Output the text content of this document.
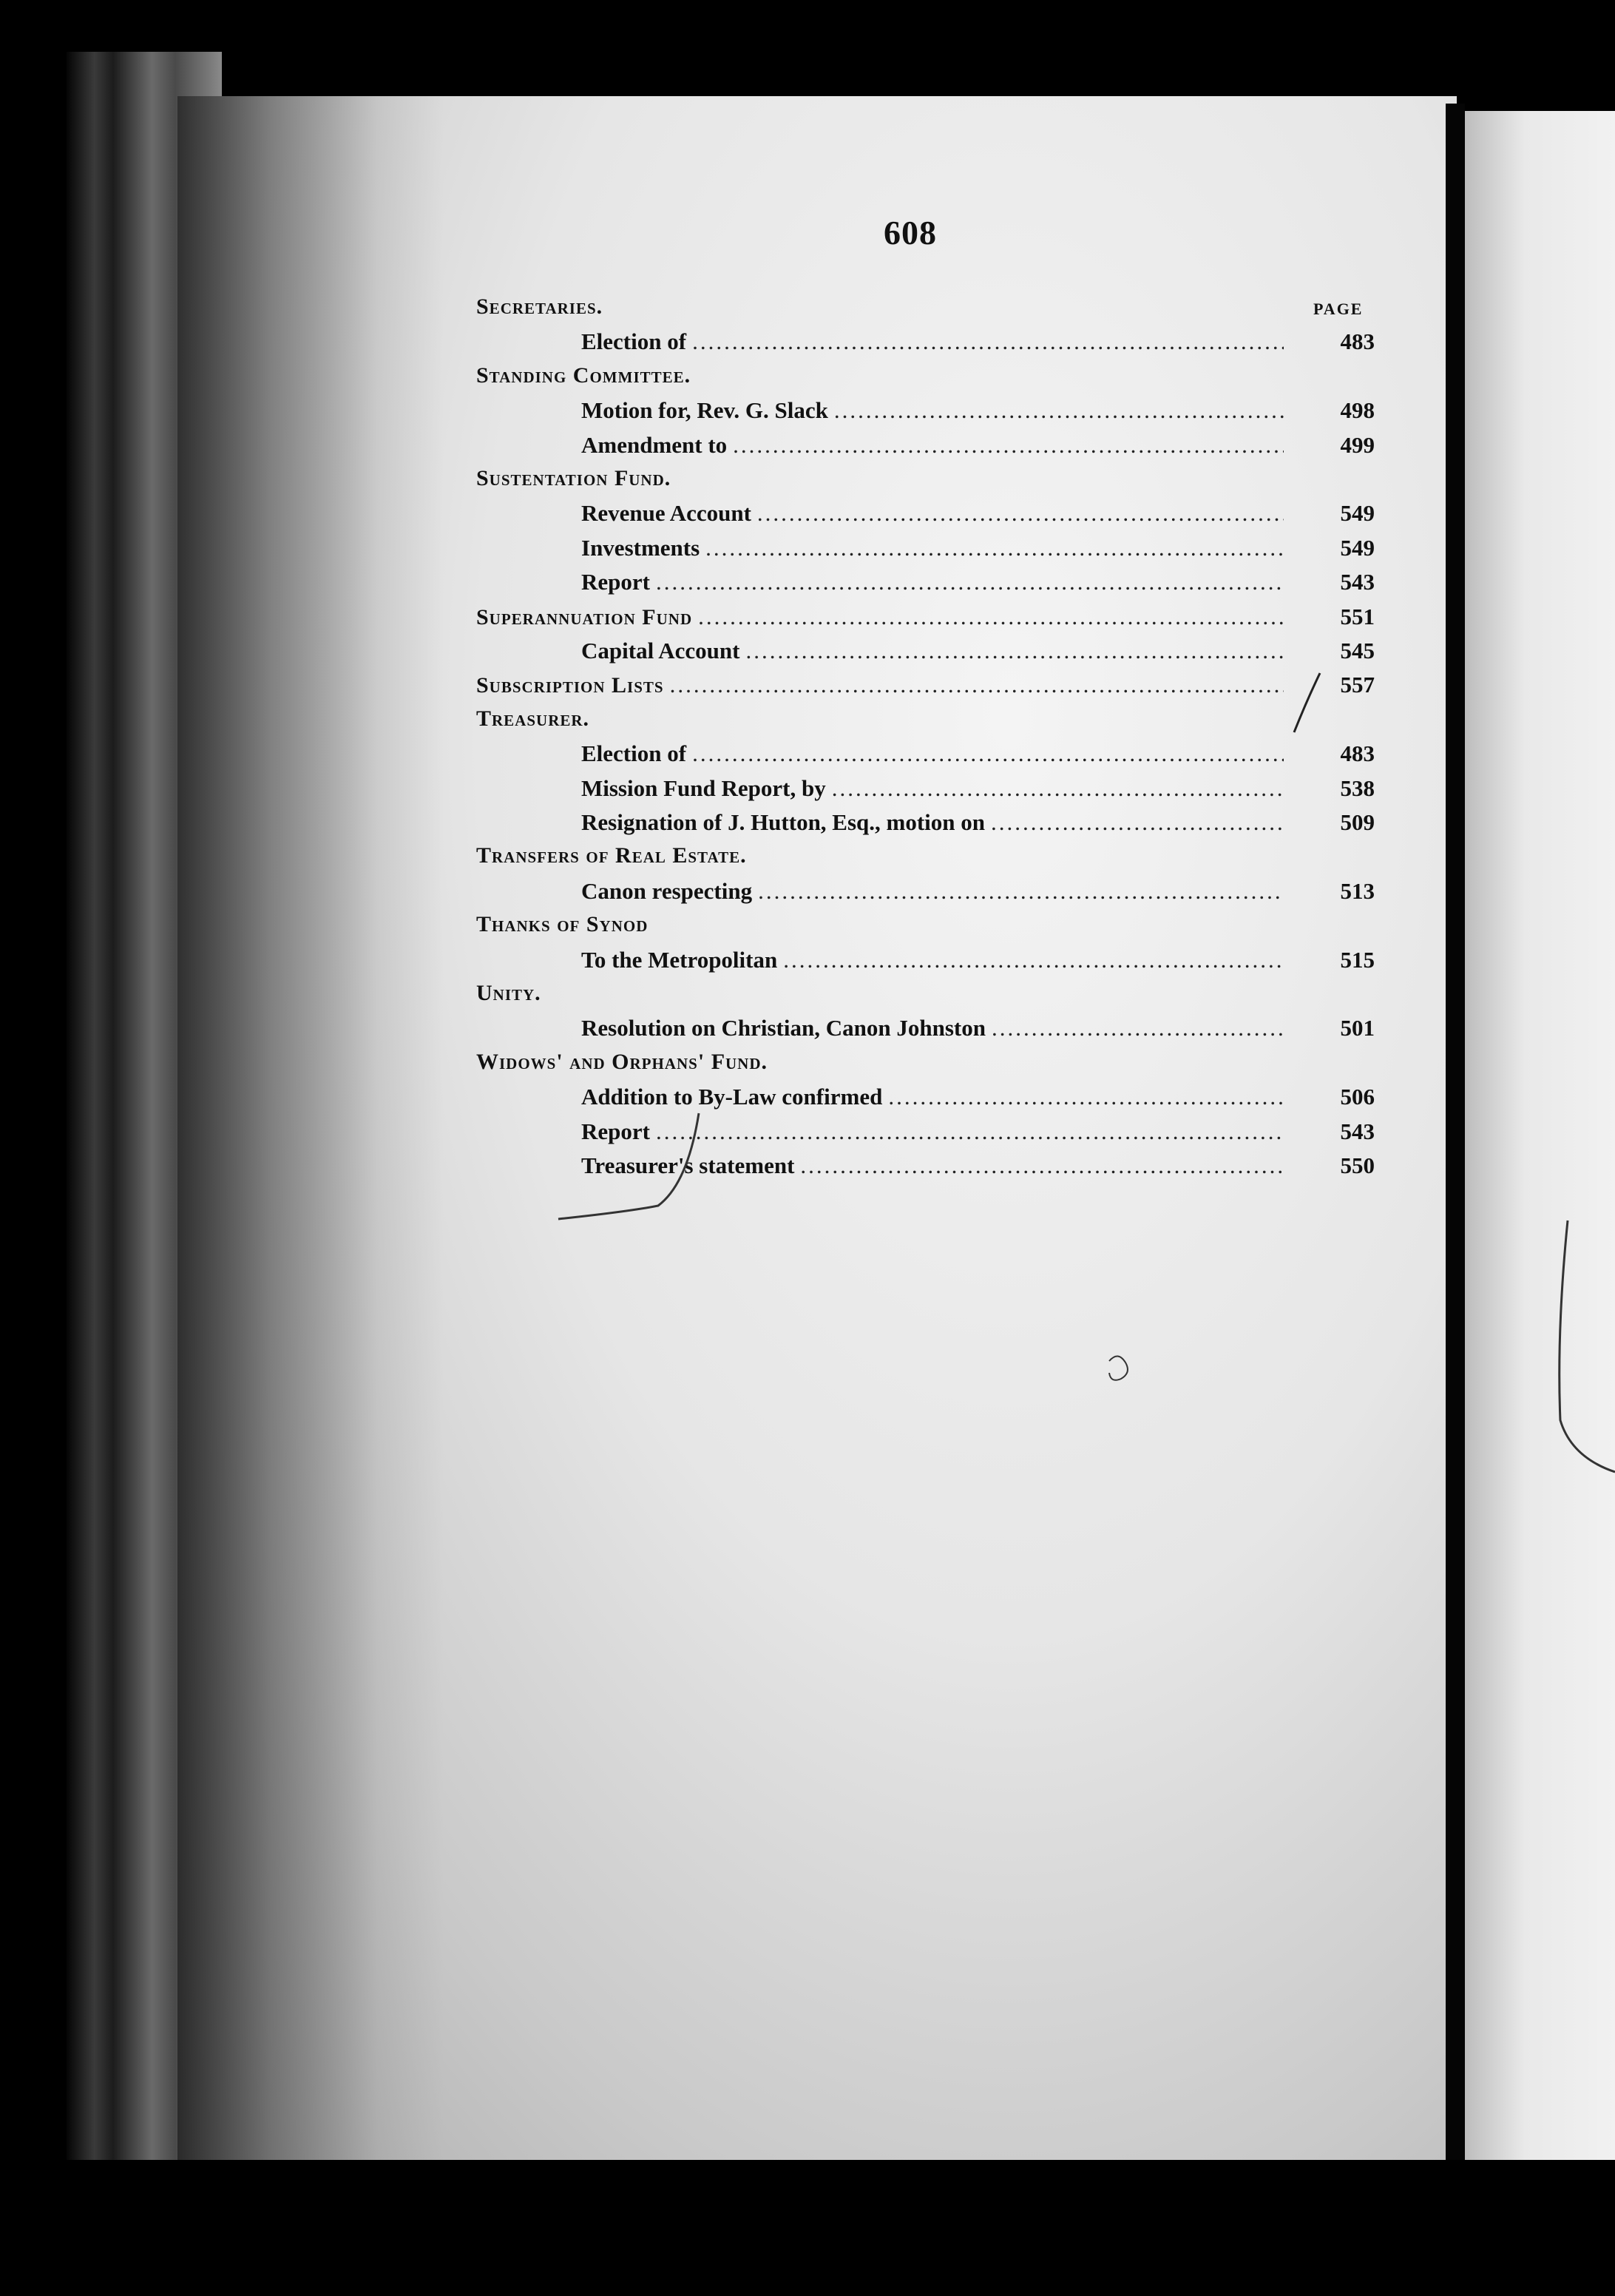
608
PAGE
Secretaries.
Election of .....	483
Standing Committee.
Motion for, Rev. G. Slack .....	498
Amendment to .....	499
Sustentation Fund.
Revenue Account .....	549
Investments .....	549
Report .....	543
Superannuation Fund .....	551
Capital Account .....	545
Subscription Lists .....	557
Treasurer.
Election of .....	483
Mission Fund Report, by .....	538
Resignation of J. Hutton, Esq., motion on .....	509
Transfers of Real Estate.
Canon respecting .....	513
Thanks of Synod
To the Metropolitan .....	515
Unity.
Resolution on Christian, Canon Johnston .....	501
Widows' and Orphans' Fund.
Addition to By-Law confirmed .....	506
Report .....	543
Treasurer's statement .....	550
